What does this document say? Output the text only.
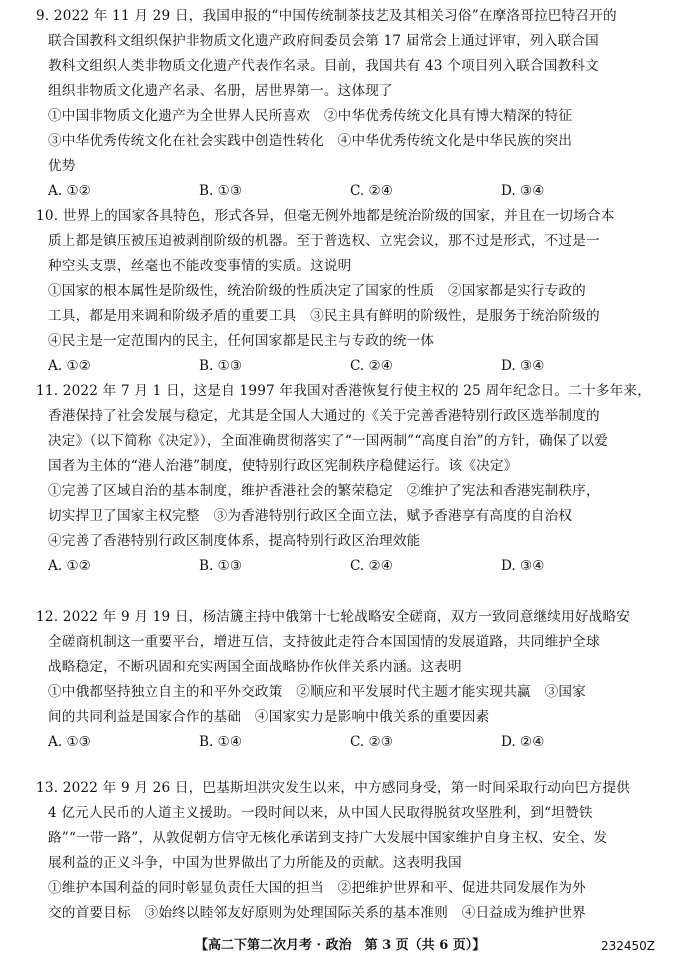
9. 2022 年 11 月 29 日，我国申报的“中国传统制茶技艺及其相关习俗”在摩洛哥拉巴特召开的
联合国教科文组织保护非物质文化遗产政府间委员会第 17 届常会上通过评审，列入联合国
教科文组织人类非物质文化遗产代表作名录。目前，我国共有 43 个项目列入联合国教科文
组织非物质文化遗产名录、名册，居世界第一。这体现了
①中国非物质文化遗产为全世界人民所喜欢　②中华优秀传统文化具有博大精深的特征
③中华优秀传统文化在社会实践中创造性转化　④中华优秀传统文化是中华民族的突出
优势
A. ①②	B. ①③	C. ②④	D. ③④
10. 世界上的国家各具特色，形式各异，但毫无例外地都是统治阶级的国家，并且在一切场合本
质上都是镇压被压迫被剥削阶级的机器。至于普选权、立宪会议，那不过是形式，不过是一
种空头支票，丝毫也不能改变事情的实质。这说明
①国家的根本属性是阶级性，统治阶级的性质决定了国家的性质　②国家都是实行专政的
工具，都是用来调和阶级矛盾的重要工具　③民主具有鲜明的阶级性，是服务于统治阶级的
④民主是一定范围内的民主，任何国家都是民主与专政的统一体
A. ①②	B. ①③	C. ②④	D. ③④
11. 2022 年 7 月 1 日，这是自 1997 年我国对香港恢复行使主权的 25 周年纪念日。二十多年来，
香港保持了社会发展与稳定，尤其是全国人大通过的《关于完善香港特别行政区选举制度的
决定》（以下简称《决定》），全面准确贯彻落实了“一国两制”“高度自治”的方针，确保了以爱
国者为主体的“港人治港”制度，使特别行政区宪制秩序稳健运行。该《决定》
①完善了区域自治的基本制度，维护香港社会的繁荣稳定　②维护了宪法和香港宪制秩序，
切实捍卫了国家主权完整　③为香港特别行政区全面立法，赋予香港享有高度的自治权
④完善了香港特别行政区制度体系，提高特别行政区治理效能
A. ①②	B. ①③	C. ②④	D. ③④
12. 2022 年 9 月 19 日，杨洁篪主持中俄第十七轮战略安全磋商，双方一致同意继续用好战略安
全磋商机制这一重要平台，增进互信，支持彼此走符合本国国情的发展道路，共同维护全球
战略稳定，不断巩固和充实两国全面战略协作伙伴关系内涵。这表明
①中俄都坚持独立自主的和平外交政策　②顺应和平发展时代主题才能实现共赢　③国家
间的共同利益是国家合作的基础　④国家实力是影响中俄关系的重要因素
A. ①③	B. ①④	C. ②③	D. ②④
13. 2022 年 9 月 26 日，巴基斯坦洪灾发生以来，中方感同身受，第一时间采取行动向巴方提供
4 亿元人民币的人道主义援助。一段时间以来，从中国人民取得脱贫攻坚胜利，到“坦赞铁
路”“一带一路”，从敦促朝方信守无核化承诺到支持广大发展中国家维护自身主权、安全、发
展利益的正义斗争，中国为世界做出了力所能及的贡献。这表明我国
①维护本国利益的同时彰显负责任大国的担当　②把维护世界和平、促进共同发展作为外
交的首要目标　③始终以睦邻友好原则为处理国际关系的基本准则　④日益成为维护世界
【高二下第二次月考 · 政治　第 3 页（共 6 页）】	232450Z
